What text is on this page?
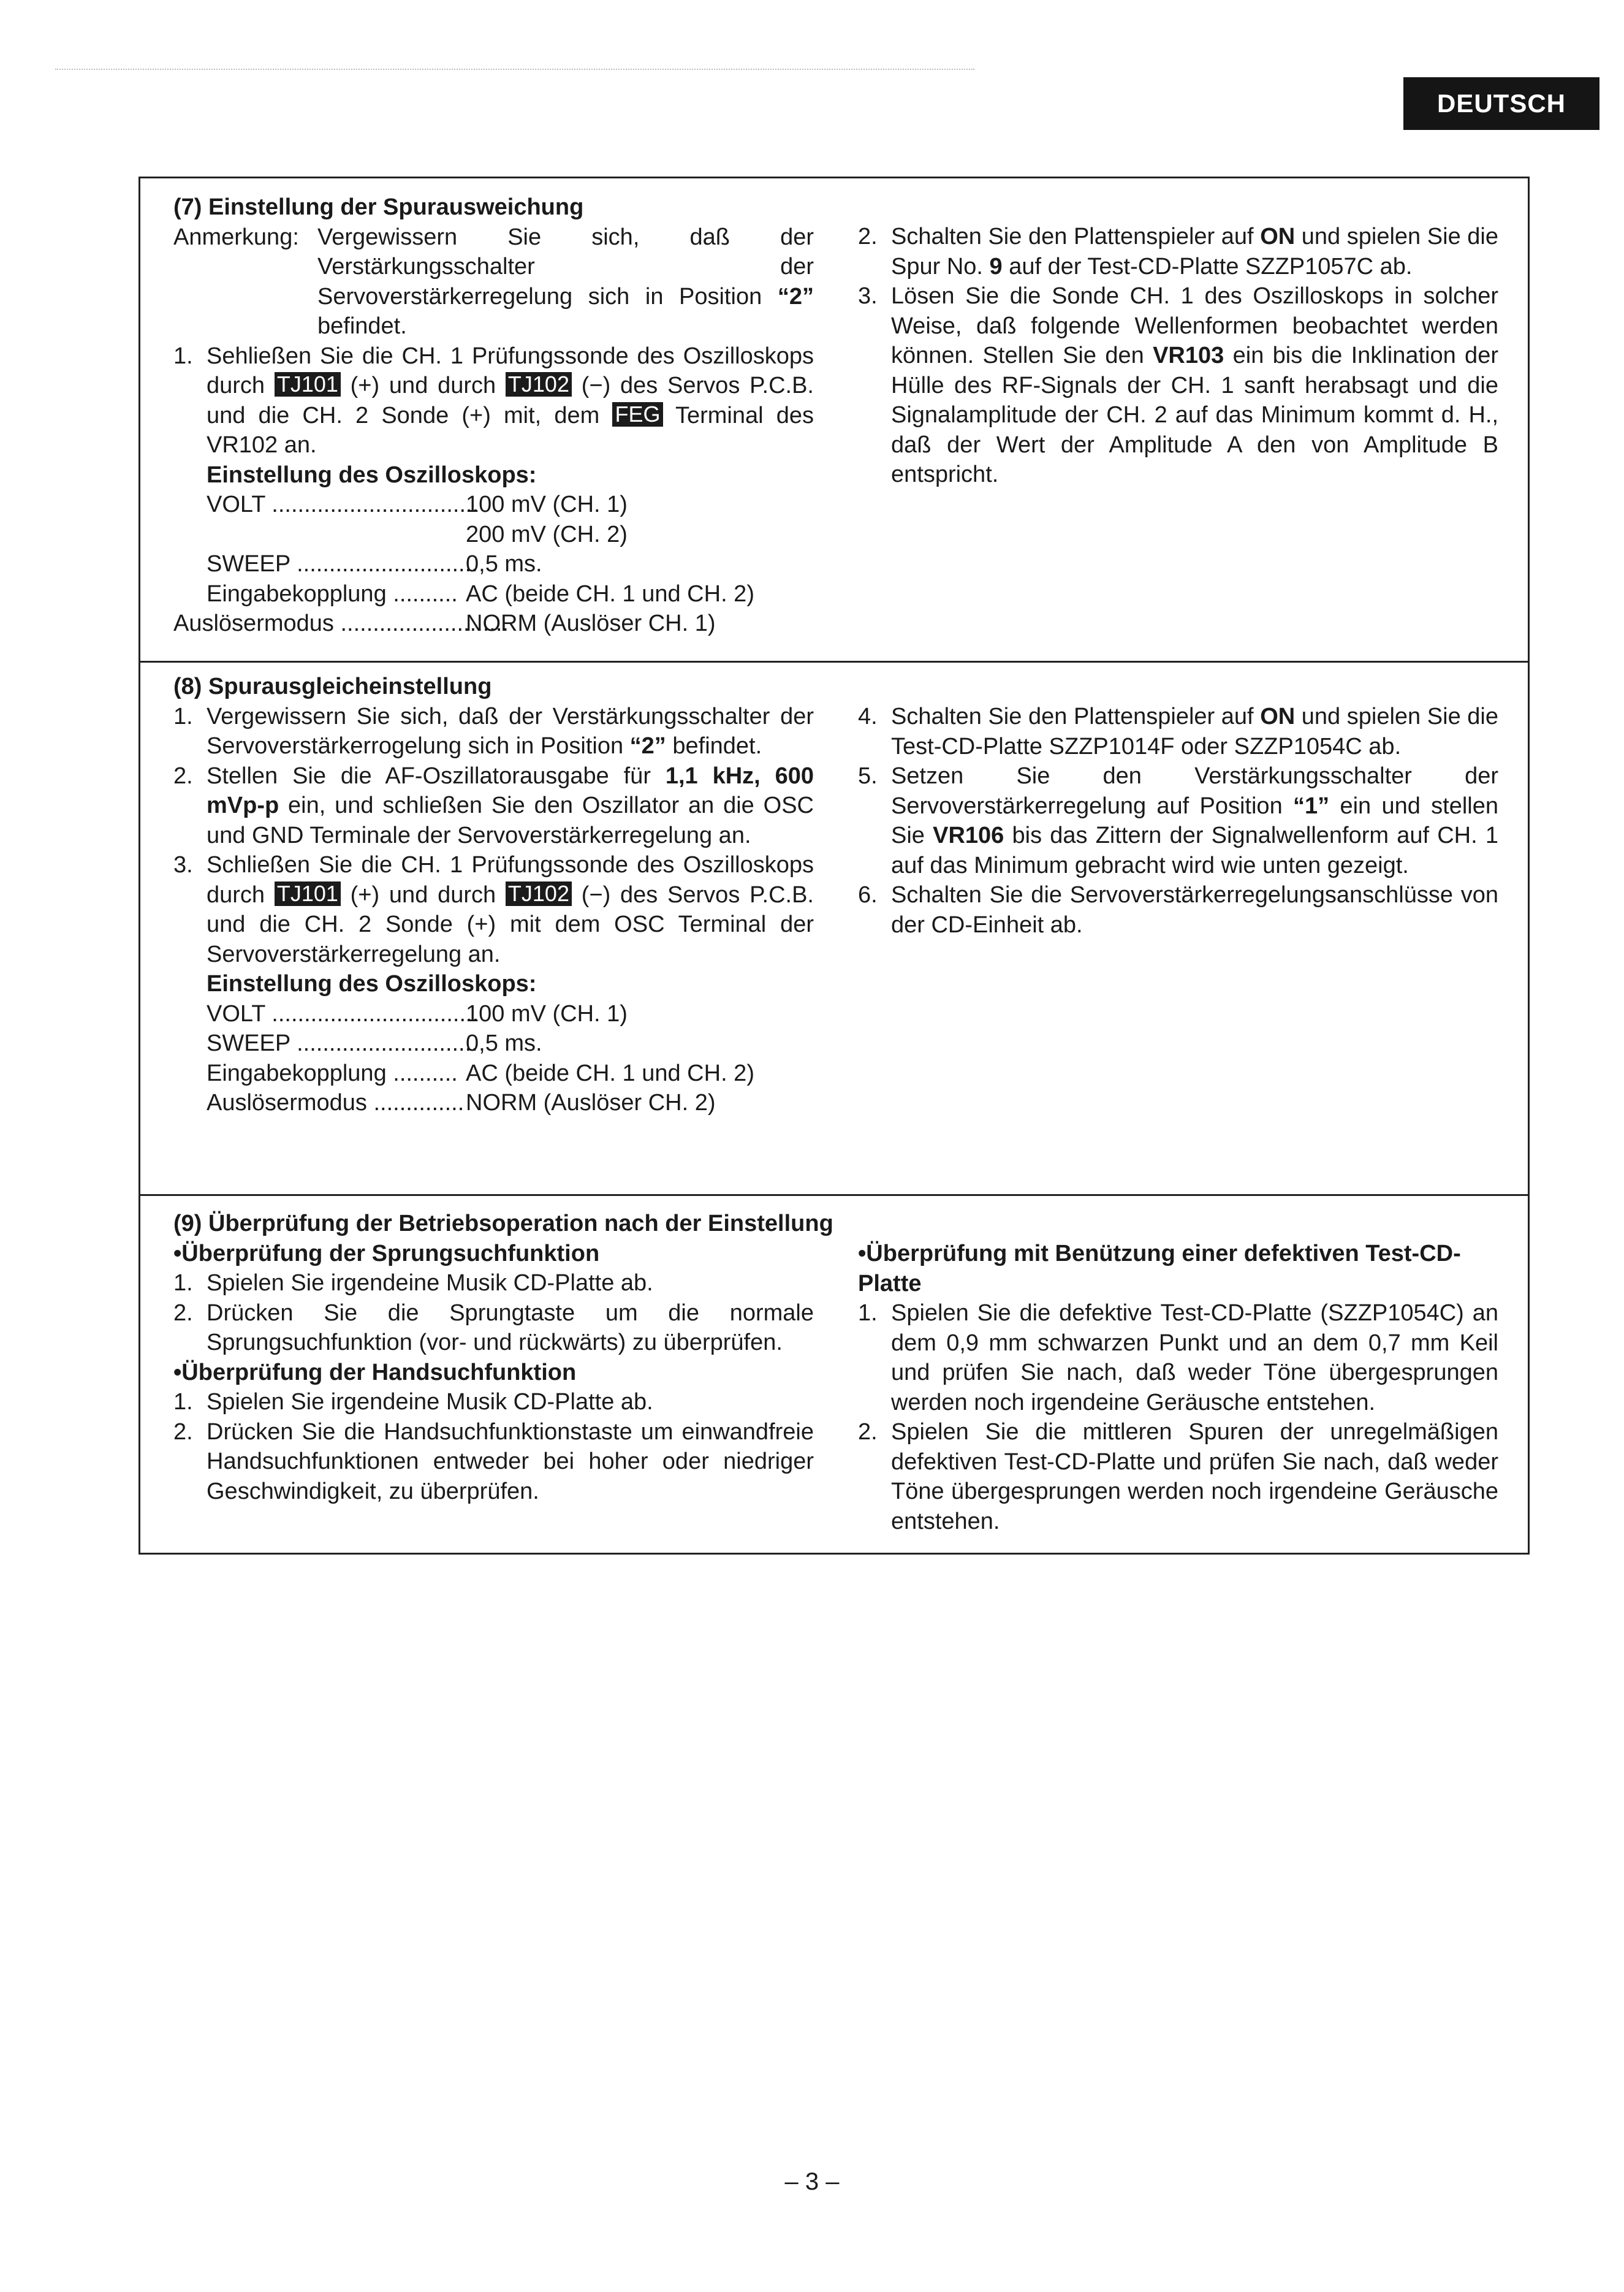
DEUTSCH

(7) Einstellung der Spurausweichung

Anmerkung: Vergewissern Sie sich, daß der Verstärkungsschalter der Servoverstärkerregelung sich in Position “2” befindet.
1. Sehließen Sie die CH. 1 Prüfungssonde des Oszilloskops durch TJ101 (+) und durch TJ102 (−) des Servos P.C.B. und die CH. 2 Sonde (+) mit, dem FEG Terminal des VR102 an.

Einstellung des Oszilloskops:

VOLT ................................
100 mV (CH. 1)
200 mV (CH. 2)
SWEEP ............................
0,5 ms.
Eingabekopplung .......... AC (beide CH. 1 und CH. 2)
Auslösermodus ..........................
NORM (Auslöser CH. 1)
2. Schalten Sie den Plattenspieler auf ON und spielen Sie die Spur No. 9 auf der Test-CD-Platte SZZP1057C ab.
3. Lösen Sie die Sonde CH. 1 des Oszilloskops in solcher Weise, daß folgende Wellenformen beobachtet werden können. Stellen Sie den VR103 ein bis die Inklination der Hülle des RF-Signals der CH. 1 sanft herabsagt und die Signalamplitude der CH. 2 auf das Minimum kommt d. H., daß der Wert der Amplitude A den von Amplitude B entspricht.

(8) Spurausgleicheinstellung

1. Vergewissern Sie sich, daß der Verstärkungsschalter der Servoverstärkerrogelung sich in Position “2” befindet.
2. Stellen Sie die AF-Oszillatorausgabe für 1,1 kHz, 600 mVp-p ein, und schließen Sie den Oszillator an die OSC und GND Terminale der Servoverstärkerregelung an.
3. Schließen Sie die CH. 1 Prüfungssonde des Oszilloskops durch TJ101 (+) und durch TJ102 (−) des Servos P.C.B. und die CH. 2 Sonde (+) mit dem OSC Terminal der Servoverstärkerregelung an.

Einstellung des Oszilloskops:

VOLT ................................
100 mV (CH. 1)
SWEEP ............................
0,5 ms.
Eingabekopplung .......... AC (beide CH. 1 und CH. 2)
Auslösermodus .............. NORM (Auslöser CH. 2)
4. Schalten Sie den Plattenspieler auf ON und spielen Sie die Test-CD-Platte SZZP1014F oder SZZP1054C ab.
5. Setzen Sie den Verstärkungsschalter der Servoverstärkerregelung auf Position “1” ein und stellen Sie VR106 bis das Zittern der Signalwellenform auf CH. 1 auf das Minimum gebracht wird wie unten gezeigt.
6. Schalten Sie die Servoverstärkerregelungsanschlüsse von der CD-Einheit ab.

(9) Überprüfung der Betriebsoperation nach der Einstellung

•Überprüfung der Sprungsuchfunktion

1. Spielen Sie irgendeine Musik CD-Platte ab.
2. Drücken Sie die Sprungtaste um die normale Sprungsuchfunktion (vor- und rückwärts) zu überprüfen.

•Überprüfung der Handsuchfunktion

1. Spielen Sie irgendeine Musik CD-Platte ab.
2. Drücken Sie die Handsuchfunktionstaste um einwandfreie Handsuchfunktionen entweder bei hoher oder niedriger Geschwindigkeit, zu überprüfen.

•Überprüfung mit Benützung einer defektiven Test-CD-Platte

1. Spielen Sie die defektive Test-CD-Platte (SZZP1054C) an dem 0,9 mm schwarzen Punkt und an dem 0,7 mm Keil und prüfen Sie nach, daß weder Töne übergesprungen werden noch irgendeine Geräusche entstehen.
2. Spielen Sie die mittleren Spuren der unregelmäßigen defektiven Test-CD-Platte und prüfen Sie nach, daß weder Töne übergesprungen werden noch irgendeine Geräusche entstehen.
– 3 –
